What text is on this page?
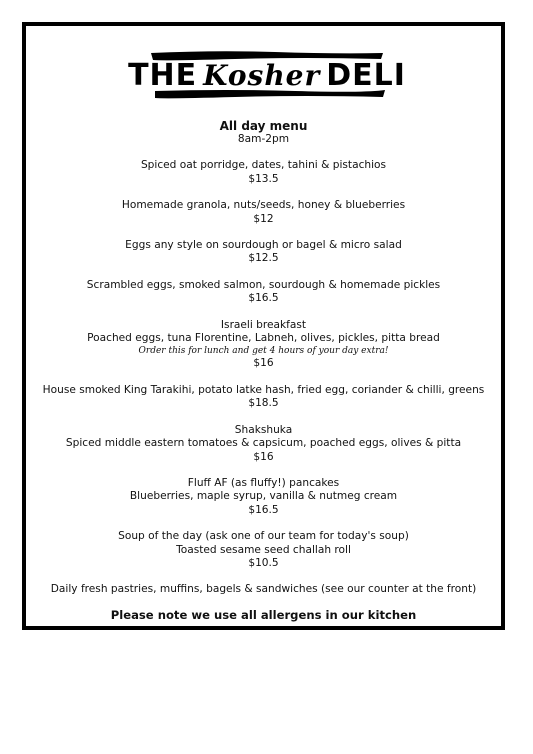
THE Kosher DELI
All day menu
8am-2pm
Spiced oat porridge, dates, tahini & pistachios
$13.5
Homemade granola, nuts/seeds, honey & blueberries
$12
Eggs any style on sourdough or bagel & micro salad
$12.5
Scrambled eggs, smoked salmon, sourdough & homemade pickles
$16.5
Israeli breakfast
Poached eggs, tuna Florentine, Labneh, olives, pickles, pitta bread
Order this for lunch and get 4 hours of your day extra!
$16
House smoked King Tarakihi, potato latke hash, fried egg, coriander & chilli, greens
$18.5
Shakshuka
Spiced middle eastern tomatoes & capsicum, poached eggs, olives & pitta
$16
Fluff AF (as fluffy!) pancakes
Blueberries, maple syrup, vanilla & nutmeg cream
$16.5
Soup of the day (ask one of our team for today's soup)
Toasted sesame seed challah roll
$10.5
Daily fresh pastries, muffins, bagels & sandwiches (see our counter at the front)
Please note we use all allergens in our kitchen
